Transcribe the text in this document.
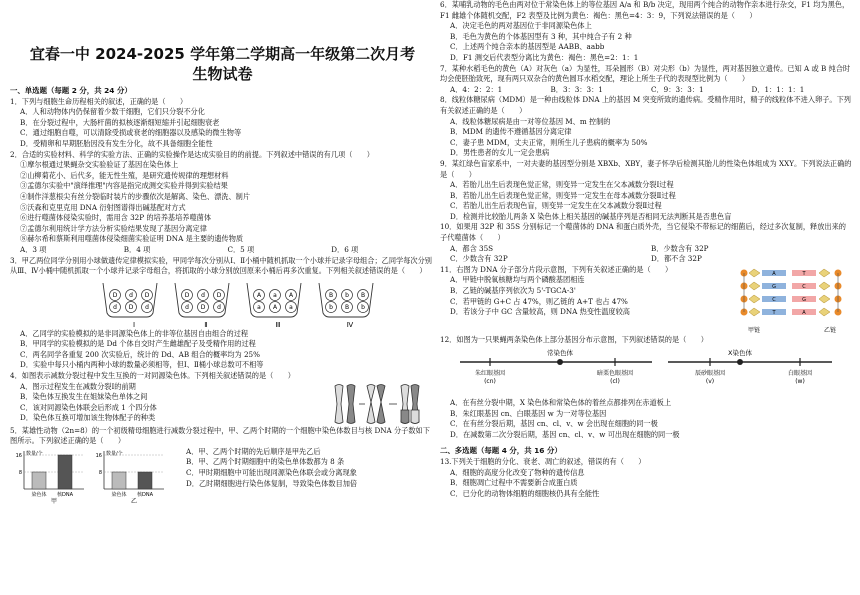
宜春一中 2024-2025 学年第二学期高一年级第二次月考
生物试卷
一、单选题（每题 2 分，共 24 分）

1．下列与细胞生命历程相关的叙述，正确的是（　　）

A．人和动物体内仍保留着少数干细胞，它们只分裂不分化

B．在分裂过程中，大肠杆菌的拟核逐渐细短缩并引起细胞衰老

C．通过细胞自噬，可以清除受损或衰老的细胞器以及感染的微生物等

D．受精卵和早期胚胎因没有发生分化，故不具备细胞全能性

2．合适的实验材料、科学的实验方法、正确的实验操作是达成实验目的的前提。下列叙述中错误的有几项（　　）

①摩尔根通过果蝇杂交实验验证了基因在染色体上

②山柳菊花小、后代多，能无性生殖，是研究遗传规律的理想材料

③孟德尔实验中"演绎推理"内容是指完成测交实验并得到实验结果

④制作洋葱根尖有丝分裂临时装片的步骤依次是解离、染色、漂洗、制片

⑤沃森和克里克用 DNA 衍射图谱得出碱基配对方式

⑥进行噬菌体侵染实验时，需用含 32P 的培养基培养噬菌体

⑦孟德尔利用统计学方法分析实验结果发现了基因分离定律

⑧赫尔希和蔡斯利用噬菌体侵染细菌实验证明 DNA 是主要的遗传物质

A．3 项	B．4 项	C．5 项	D．6 项

3．甲乙两位同学分别用小球做遗传定律模拟实验，甲同学每次分别从Ⅰ、Ⅱ小桶中随机抓取一个小球并记录字母组合；乙同学每次分别从Ⅲ、Ⅳ小桶中随机抓取一个小球并记录字母组合，将抓取的小球分别放回原来小桶后再多次重复。下列相关叙述错误的是（　　）

D d D
d D d
Ⅰ
D d D
d D d
Ⅱ
A a A
a A a
Ⅲ
B b B
b B b
Ⅳ

A．乙同学的实验模拟的是非同源染色体上的非等位基因自由组合的过程

B．甲同学的实验模拟的是 Dd 个体自交时产生雌雄配子及受精作用的过程

C．两名同学各重复 200 次实验后，统计的 Dd、AB 组合的概率均为 25%

D．实验中每只小桶内两种小球的数量必须相等，但Ⅰ、Ⅱ桶小球总数可不相等

4．如图表示减数分裂过程中发生互换的一对同源染色体。下列相关叙述错误的是（　　）

A．图示过程发生在减数分裂Ⅰ的前期

B．染色体互换发生在姐妹染色单体之间

C．该对同源染色体联会后形成 1 个四分体

D．染色体互换可增加该生物体配子的种类

5．某雄性动物（2n=8）的一个初级精母细胞进行减数分裂过程中，甲、乙两个时期的一个细胞中染色体数目与核 DNA 分子数如下图所示。下列叙述正确的是（　　）

数量/个
8
16
染色体 核DNA
甲
数量/个
8
16
染色体 核DNA
乙

A．甲、乙两个时期的先后顺序是甲先乙后

B．甲、乙两个时期细胞中的染色单体数都为 8 条

C．甲时期细胞中可能出现同源染色体联会或分离现象

D．乙时期细胞进行染色体复制，导致染色体数目加倍

6．某哺乳动物的毛色由两对位于常染色体上的等位基因 A/a 和 B/b 决定，现用两个纯合的动物作亲本进行杂交，F1 均为黑色，F1 雌雄个体随机交配，F2 表型及比例为黄色：褐色：黑色=4：3：9，下列说法错误的是（　　）

A．决定毛色的两对基因位于非同源染色体上

B．毛色为黄色的个体基因型有 3 种，其中纯合子有 2 种

C．上述两个纯合亲本的基因型是 AABB、aabb

D．F1 测交后代表型分离比为黄色：褐色：黑色=2：1：1

7．某种水稻毛色的黄色（A）对灰色（a）为显性，耳朵圆形（B）对尖形（b）为显性，两对基因独立遗传。已知 A 或 B 纯合时均会使胚胎致死，现有两只双杂合的黄色圆耳水稻交配，理论上所生子代的表现型比例为（　　）

A．4：2：2：1	B．3：3：3：1	C．9：3：3：1	D．1：1：1：1

8．线粒体糖尿病（MDM）是一种由线粒体 DNA 上的基因 M 突变所致的遗传病。受精作用时，精子的线粒体不进入卵子。下列有关叙述正确的是（　　）

A．线粒体糖尿病是由一对等位基因 M、m 控制的

B．MDM 的遗传不遵循基因分离定律

C．妻子患 MDM，丈夫正常，则所生儿子患病的概率为 50%

D．男性患者的女儿一定会患病

9．某红绿色盲家系中，一对夫妻的基因型分别是 XBXb、XBY，妻子怀孕后检测其胎儿的性染色体组成为 XXY。下列说法正确的是（　　）

A．若胎儿出生后表现色觉正常，则变异一定发生在父本减数分裂Ⅰ过程

B．若胎儿出生后表现色觉正常，则变异一定发生在母本减数分裂Ⅱ过程

C．若胎儿出生后表现色盲，则变异一定发生在父本减数分裂Ⅱ过程

D．检测并比较胎儿两条 X 染色体上相关基因的碱基序列是否相同无法判断其是否患色盲

10．如果用 32P 和 35S 分别标记一个噬菌体的 DNA 和蛋白质外壳，当它侵染不带标记的细菌后，经过多次复制，释放出来的子代噬菌体（　　）

A．都含 35S	B．少数含有 32P
C．少数含有 32P	D．都不含 32P

11．右图为 DNA 分子部分片段示意图，下列有关叙述正确的是（　　）

A．甲链中脱氧核糖均与两个磷酸基团相连

B．乙链的碱基序列依次为 5'-TGCA-3'

C．若甲链的 G+C 占 47%，则乙链的 A+T 也占 47%

D．若该分子中 GC 含量较高，则 DNA 热变性温度较高

A	T
G	C
C	G
T	A
甲链	乙链

12．如图为一只果蝇两条染色体上部分基因分布示意图，下列叙述错误的是（　　）

常染色体	X染色体
朱红眼基因
(cn)
暗栗色眼基因
(cl)
辰砂眼基因
(v)
白眼基因
(w)

A．在有丝分裂中期，X 染色体和常染色体的着丝点都排列在赤道板上

B．朱红眼基因 cn、白眼基因 w 为一对等位基因

C．在有丝分裂后期，基因 cn、cl、v、w 会出现在细胞的同一极

D．在减数第二次分裂后期，基因 cn、cl、v、w 可出现在细胞的同一极

二、多选题（每题 4 分，共 16 分）

13.下列关于细胞的分化、衰老、凋亡的叙述，错误的有（　　）

A．细胞的高度分化改变了物种的遗传信息

B．细胞凋亡过程中不需要新合成蛋白质

C．已分化的动物体细胞的细胞核仍具有全能性
